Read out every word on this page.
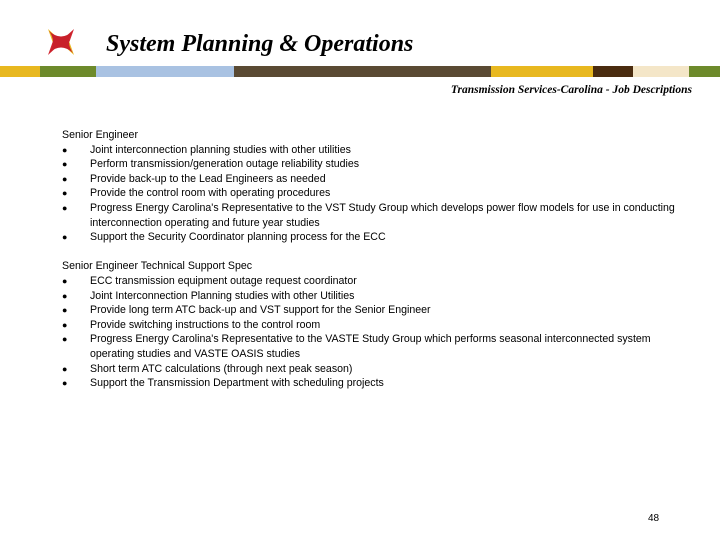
System Planning & Operations
Transmission Services-Carolina - Job Descriptions
Senior Engineer
● Joint interconnection planning studies with other utilities
● Perform transmission/generation outage reliability studies
● Provide back-up to the Lead Engineers as needed
● Provide the control room with operating procedures
● Progress Energy Carolina's Representative to the VST Study Group which develops power flow models for use in conducting interconnection operating and future year studies
● Support the Security Coordinator planning process for the ECC
Senior Engineer Technical Support Spec
● ECC transmission equipment outage request coordinator
● Joint Interconnection Planning studies with other Utilities
● Provide long term ATC back-up and VST support for the Senior Engineer
● Provide switching instructions to the control room
● Progress Energy Carolina's Representative to the VASTE Study Group which performs seasonal interconnected system operating studies and VASTE OASIS studies
● Short term ATC calculations (through next peak season)
● Support the Transmission Department with scheduling projects
48
